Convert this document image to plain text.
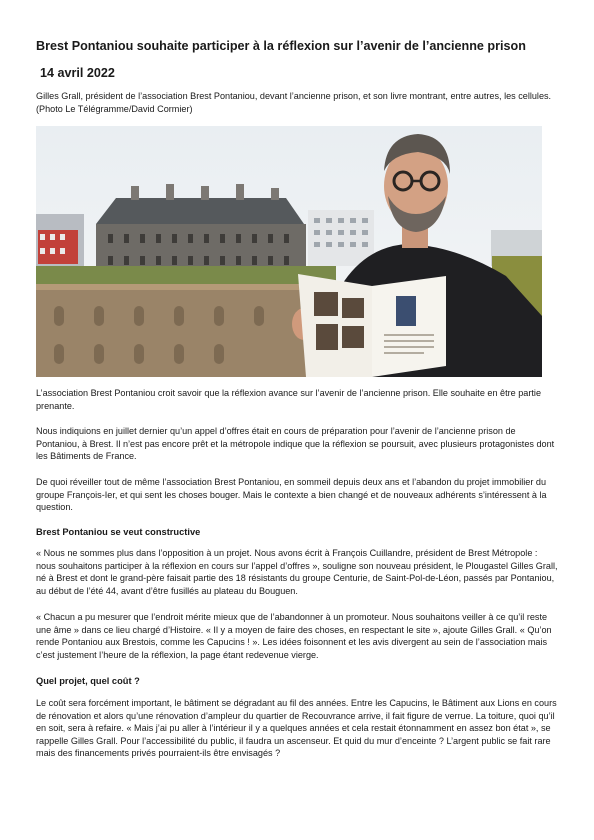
Brest Pontaniou souhaite participer à la réflexion sur l’avenir de l’ancienne prison
14 avril 2022
Gilles Grall, président de l’association Brest Pontaniou, devant l’ancienne prison, et son livre montrant, entre autres, les cellules. (Photo Le Télégramme/David Cormier)

L’association Brest Pontaniou croit savoir que la réflexion avance sur l’avenir de l’ancienne prison. Elle souhaite en être partie prenante.

Nous indiquions en juillet dernier qu’un appel d’offres était en cours de préparation pour l’avenir de l’ancienne prison de Pontaniou, à Brest. Il n’est pas encore prêt et la métropole indique que la réflexion se poursuit, avec plusieurs protagonistes dont les Bâtiments de France.

De quoi réveiller tout de même l’association Brest Pontaniou, en sommeil depuis deux ans et l’abandon du projet immobilier du groupe François-Ier, et qui sent les choses bouger. Mais le contexte a bien changé et de nouveaux adhérents s’intéressent à la question.

Brest Pontaniou se veut constructive

« Nous ne sommes plus dans l’opposition à un projet. Nous avons écrit à François Cuillandre, président de Brest Métropole : nous souhaitons participer à la réflexion en cours sur l’appel d’offres », souligne son nouveau président, le Plougastel Gilles Grall, né à Brest et dont le grand-père faisait partie des 18 résistants du groupe Centurie, de Saint-Pol-de-Léon, passés par Pontaniou, au début de l’été 44, avant d’être fusillés au plateau du Bouguen.

« Chacun a pu mesurer que l’endroit mérite mieux que de l’abandonner à un promoteur. Nous souhaitons veiller à ce qu’il reste une âme » dans ce lieu chargé d’Histoire. « Il y a moyen de faire des choses, en respectant le site », ajoute Gilles Grall. « Qu’on rende Pontaniou aux Brestois, comme les Capucins ! ». Les idées foisonnent et les avis divergent au sein de l’association mais c’est justement l’heure de la réflexion, la page étant redevenue vierge.

Quel projet, quel coût ?

Le coût sera forcément important, le bâtiment se dégradant au fil des années. Entre les Capucins, le Bâtiment aux Lions en cours de rénovation et alors qu’une rénovation d’ampleur du quartier de Recouvrance arrive, il fait figure de verrue. La toiture, quoi qu’il en soit, sera à refaire. « Mais j’ai pu aller à l’intérieur il y a quelques années et cela restait étonnamment en assez bon état », se rappelle Gilles Grall. Pour l’accessibilité du public, il faudra un ascenseur. Et quid du mur d’enceinte ? L’argent public se fait rare mais des financements privés pourraient-ils être envisagés ?
